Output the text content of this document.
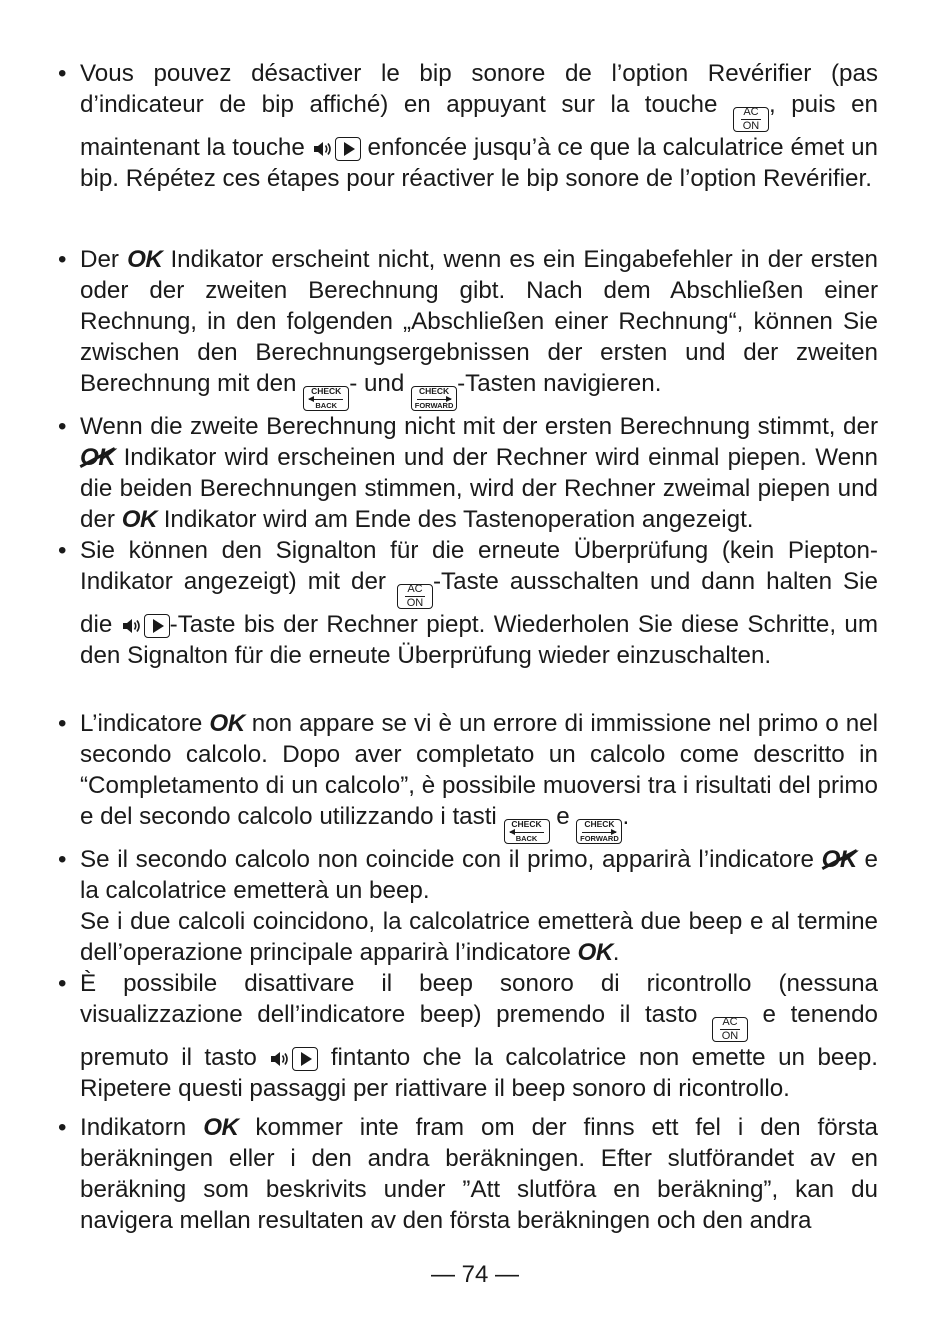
• Vous pouvez désactiver le bip sonore de l’option Revérifier (pas d’indicateur de bip affiché) en appuyant sur la touche
$\frac{AC}{ON}$
, puis en maintenant la touche
enfoncée jusqu’à ce que la calculatrice émet un bip. Répétez ces étapes pour réactiver le bip sonore de l’option Revérifier.
• Der OK Indikator erscheint nicht, wenn es ein Eingabefehler in der ersten oder der zweiten Berechnung gibt. Nach dem Abschließen einer Rechnung, in den folgenden „Abschließen einer Rechnung“, können Sie zwischen den Berechnungsergebnissen der ersten und der zweiten Berechnung mit den CHECK
BACK
- und CHECK
FORWARD
-Tasten navigieren.
• Wenn die zweite Berechnung nicht mit der ersten Berechnung stimmt, der OK Indikator wird erscheinen und der Rechner wird einmal piepen. Wenn die beiden Berechnungen stimmen, wird der Rechner zweimal piepen und der OK Indikator wird am Ende des Tastenoperation angezeigt.
• Sie können den Signalton für die erneute Überprüfung (kein Piepton-Indikator angezeigt) mit der
$\frac{AC}{ON}$
-Taste ausschalten und dann halten Sie die
-Taste bis der Rechner piept. Wiederholen Sie diese Schritte, um den Signalton für die erneute Überprüfung wieder einzuschalten.
• L’indicatore OK non appare se vi è un errore di immissione nel primo o nel secondo calcolo. Dopo aver completato un calcolo come descritto in “Completamento di un calcolo”, è possibile muoversi tra i risultati del primo e del secondo calcolo utilizzando i tasti CHECK
BACK
e CHECK
FORWARD
.
• Se il secondo calcolo non coincide con il primo, apparirà l’indicatore OK e la calcolatrice emetterà un beep.
Se i due calcoli coincidono, la calcolatrice emetterà due beep e al termine dell’operazione principale apparirà l’indicatore OK.
• È possibile disattivare il beep sonoro di ricontrollo (nessuna visualizzazione dell’indicatore beep) premendo il tasto
$\frac{AC}{ON}$
e tenendo premuto il tasto
fintanto che la calcolatrice non emette un beep. Ripetere questi passaggi per riattivare il beep sonoro di ricontrollo.
• Indikatorn OK kommer inte fram om der finns ett fel i den första beräkningen eller i den andra beräkningen. Efter slutförandet av en beräkning som beskrivits under ”Att slutföra en beräkning”, kan du navigera mellan resultaten av den första beräkningen och den andra
— 74 —
